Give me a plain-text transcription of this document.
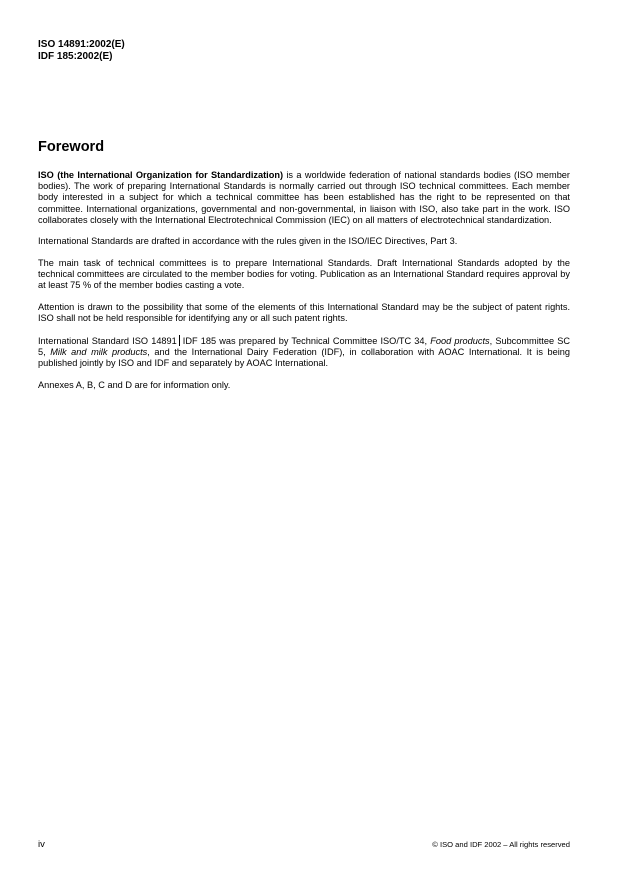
ISO 14891:2002(E)
IDF 185:2002(E)
Foreword

ISO (the International Organization for Standardization) is a worldwide federation of national standards bodies (ISO member bodies). The work of preparing International Standards is normally carried out through ISO technical committees. Each member body interested in a subject for which a technical committee has been established has the right to be represented on that committee. International organizations, governmental and non-governmental, in liaison with ISO, also take part in the work. ISO collaborates closely with the International Electrotechnical Commission (IEC) on all matters of electrotechnical standardization.

International Standards are drafted in accordance with the rules given in the ISO/IEC Directives, Part 3.

The main task of technical committees is to prepare International Standards. Draft International Standards adopted by the technical committees are circulated to the member bodies for voting. Publication as an International Standard requires approval by at least 75 % of the member bodies casting a vote.

Attention is drawn to the possibility that some of the elements of this International Standard may be the subject of patent rights. ISO shall not be held responsible for identifying any or all such patent rights.

International Standard ISO 14891 IDF 185 was prepared by Technical Committee ISO/TC 34, Food products, Subcommittee SC 5, Milk and milk products, and the International Dairy Federation (IDF), in collaboration with AOAC International. It is being published jointly by ISO and IDF and separately by AOAC International.

Annexes A, B, C and D are for information only.

iv	© ISO and IDF 2002 – All rights reserved
